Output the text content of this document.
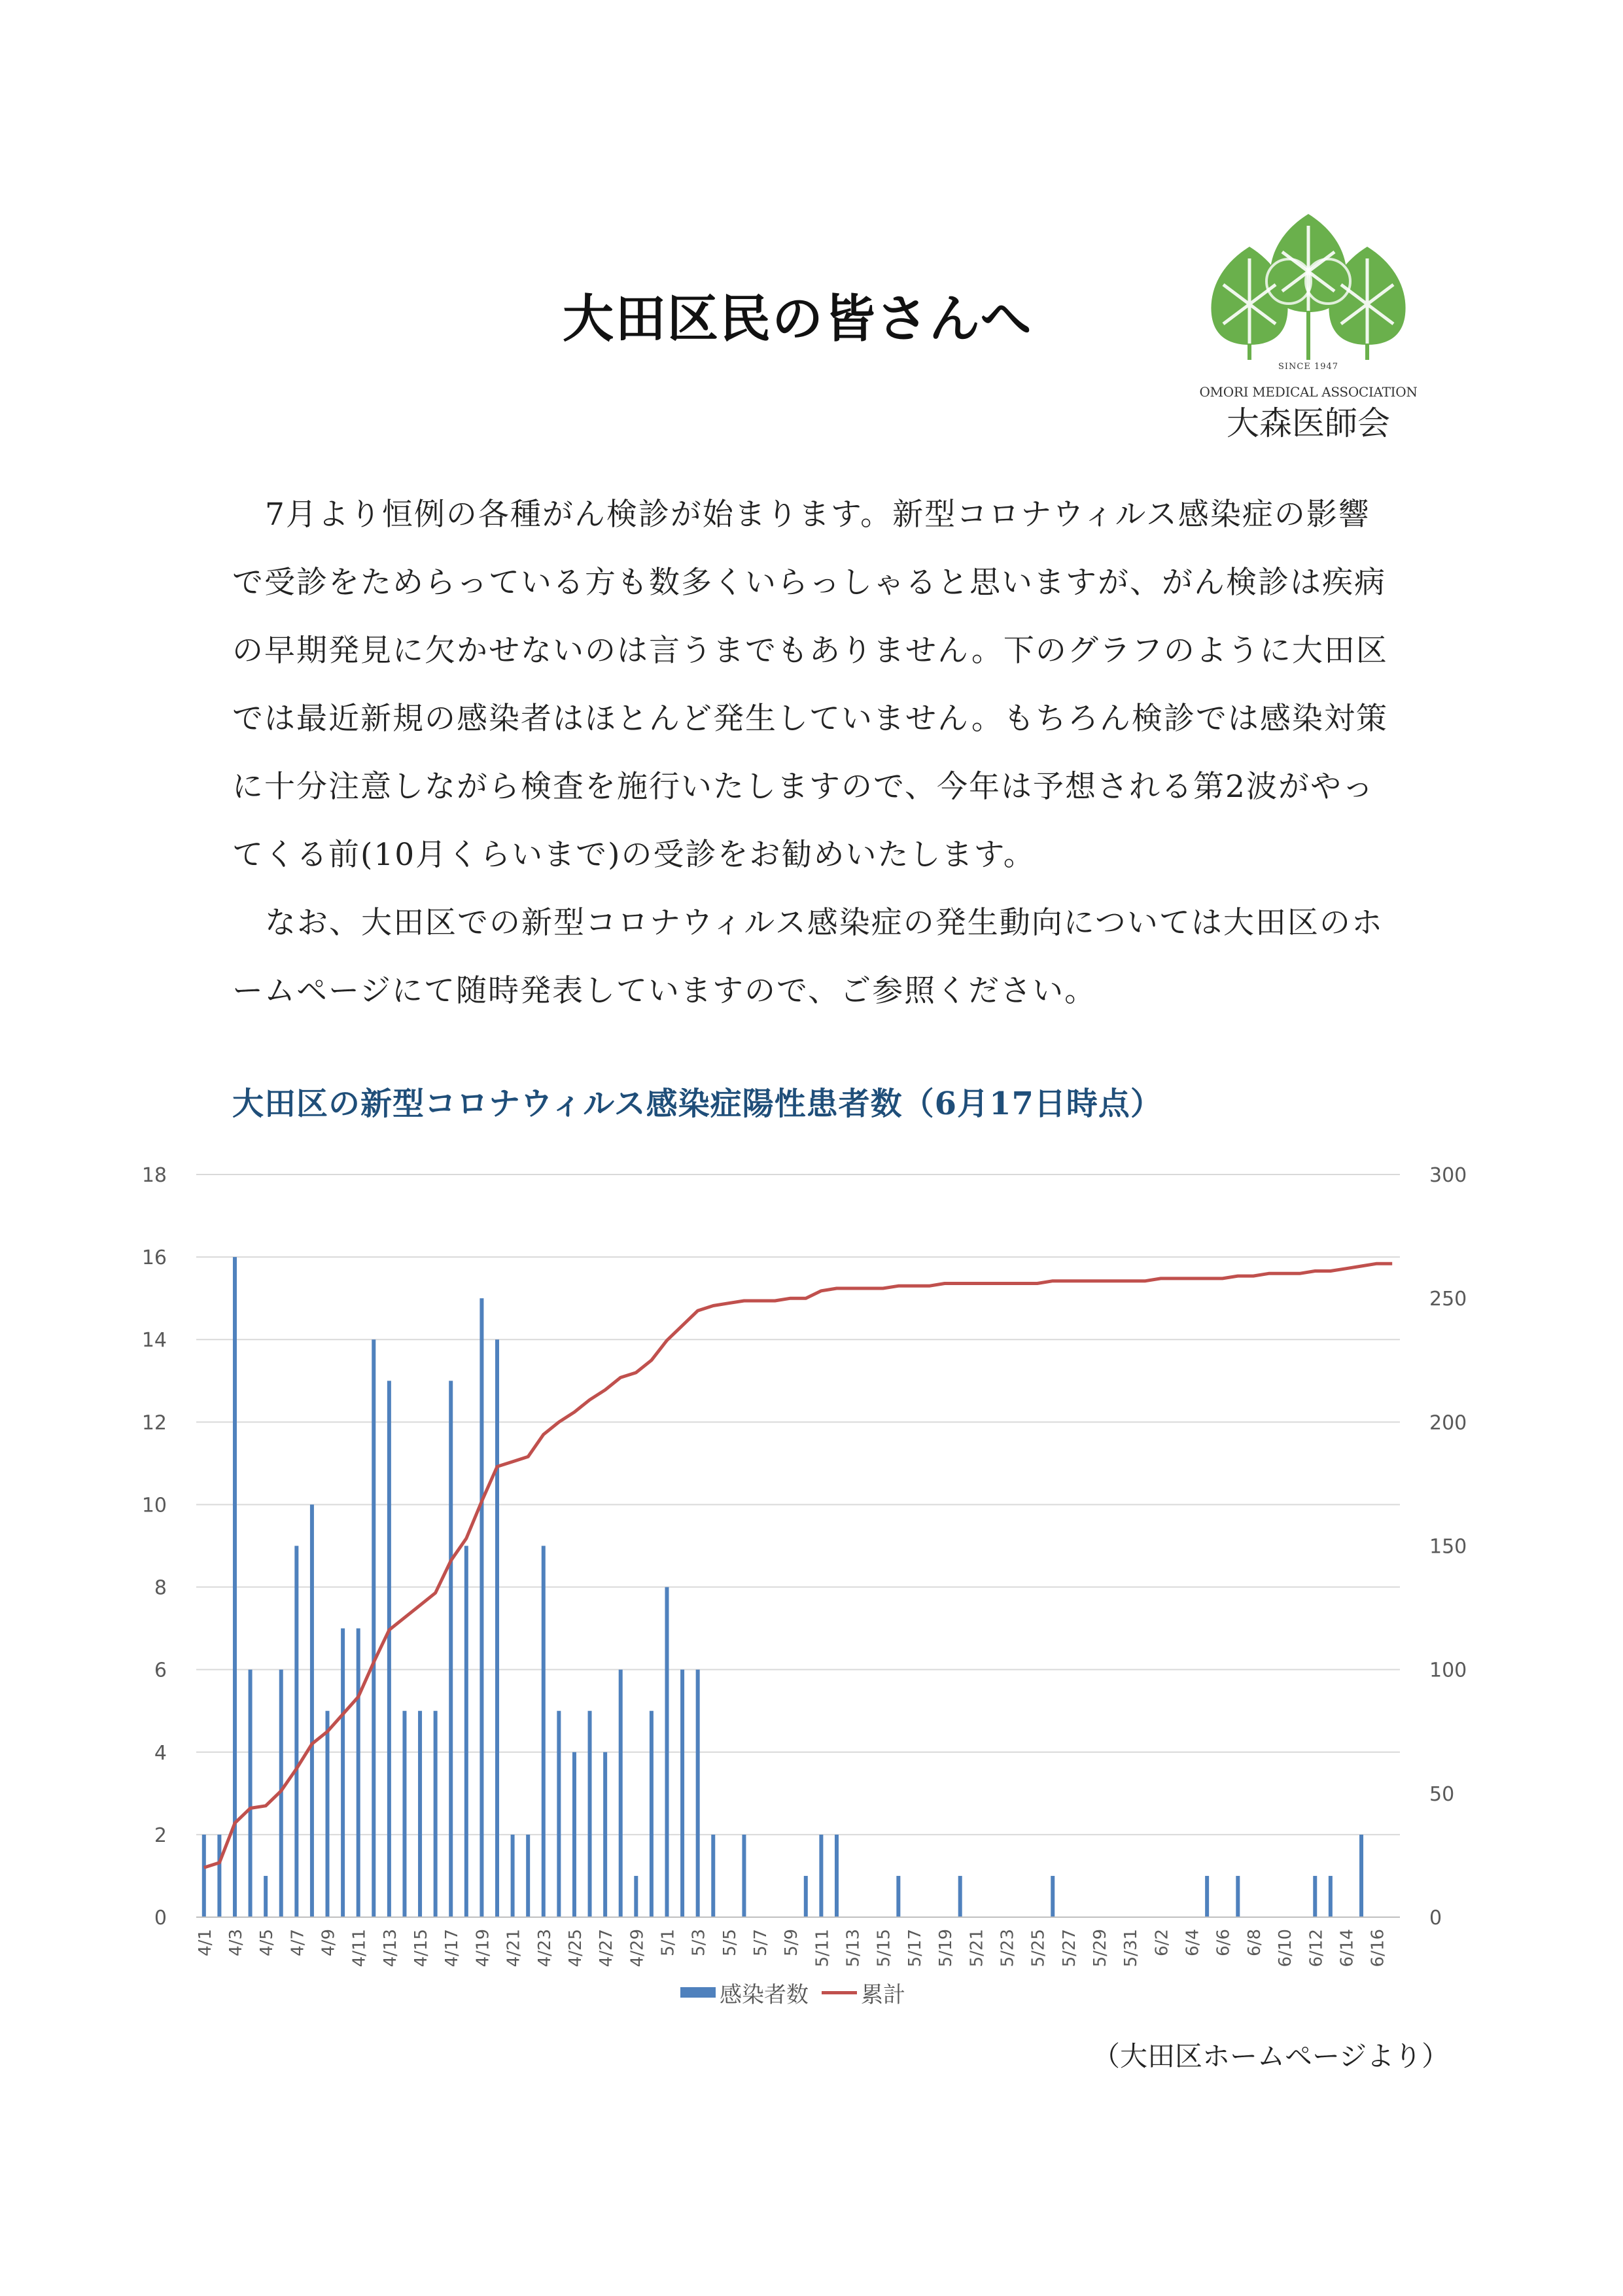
大田区民の皆さんへ
SINCE 1947
OMORI MEDICAL ASSOCIATION
大森医師会

7月より恒例の各種がん検診が始まります。新型コロナウィルス感染症の影響で受診をためらっている方も数多くいらっしゃると思いますが、がん検診は疾病の早期発見に欠かせないのは言うまでもありません。下のグラフのように大田区では最近新規の感染者はほとんど発生していません。もちろん検診では感染対策に十分注意しながら検査を施行いたしますので、今年は予想される第2波がやってくる前(10月くらいまで)の受診をお勧めいたします。

なお、大田区での新型コロナウィルス感染症の発生動向については大田区のホームページにて随時発表していますので、ご参照ください。

大田区の新型コロナウィルス感染症陽性患者数（6月17日時点）
0
2
4
6
8
10
12
14
16
18
0
50
100
150
200
250
300
4/1 4/3 4/5 4/7 4/9 4/11 4/13 4/15 4/17 4/19 4/21 4/23 4/25 4/27 4/29 5/1 5/3 5/5 5/7 5/9 5/11 5/13 5/15 5/17 5/19 5/21 5/23 5/25 5/27 5/29 5/31 6/2 6/4 6/6 6/8 6/10 6/12 6/14 6/16
感染者数 累計
（大田区ホームページより）
